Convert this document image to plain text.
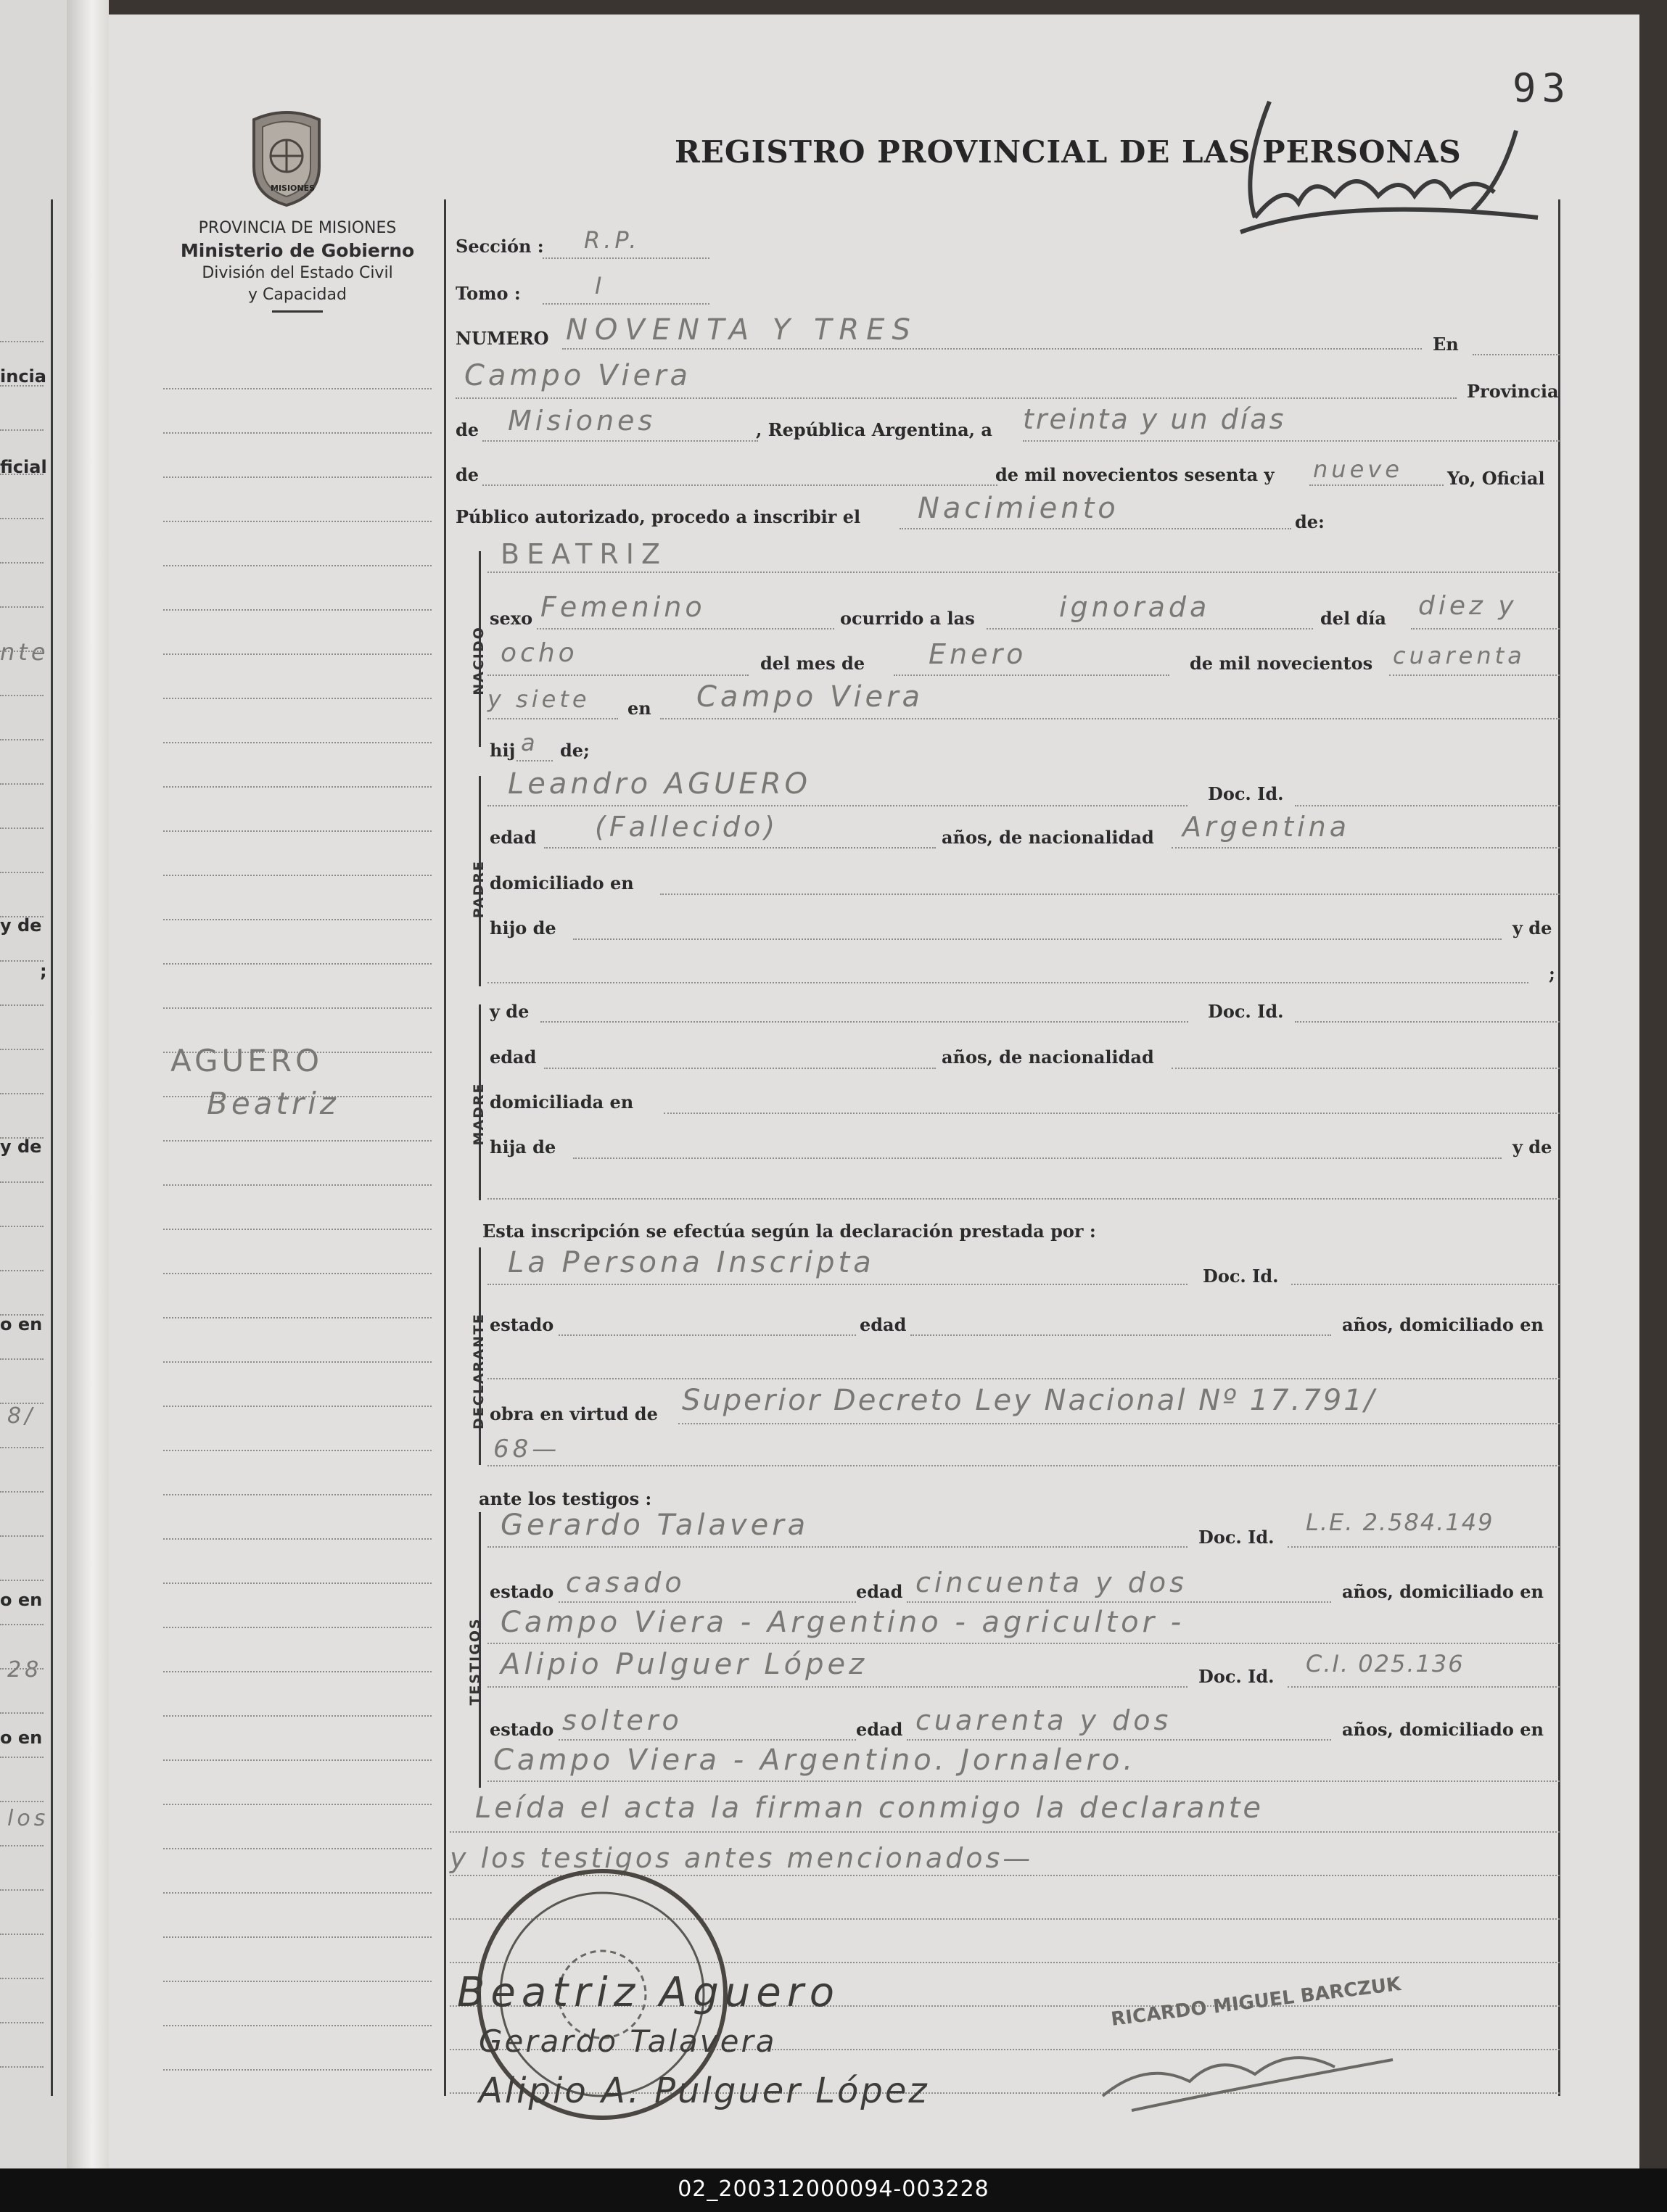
incia
ficial
nte
y de
;
y de
o en
8/
o en
28
o en
los
93
MISIONES
PROVINCIA DE MISIONES
Ministerio de Gobierno
División del Estado Civil
y Capacidad
REGISTRO PROVINCIAL DE LAS PERSONAS
AGUERO
Beatriz
Sección : R.P.
Tomo :	I
NUMERO NOVENTA Y TRES	En
Campo Viera	Provincia
de Misiones	, República Argentina, a treinta y un días
de	de mil novecientos sesenta y nueve	Yo, Oficial
Público autorizado, procedo a inscribir el Nacimiento	de:
NACIDO
BEATRIZ
sexo Femenino	ocurrido a las	ignorada	del día diez y
ocho	del mes de Enero	de mil novecientos cuarenta
y siete en Campo Viera
hij a de;
PADRE
Leandro AGUERO	Doc. Id.
edad (Fallecido)	años, de nacionalidad Argentina
domiciliado en
hijo de	y de
;
MADRE
y de	Doc. Id.
edad	años, de nacionalidad
domiciliada en
hija de	y de
Esta inscripción se efectúa según la declaración prestada por :
DECLARANTE
La Persona Inscripta	Doc. Id.
estado	edad	años, domiciliado en
obra en virtud de Superior Decreto Ley Nacional Nº 17.791/
68—
ante los testigos :
TESTIGOS
Gerardo Talavera	Doc. Id.
L.E. 2.584.149
estado casado	edad cincuenta y dos	años, domiciliado en
Campo Viera - Argentino - agricultor -
Alipio Pulguer López	Doc. Id. C.I. 025.136
estado soltero	edad cuarenta y dos	años, domiciliado en
Campo Viera - Argentino. Jornalero.
Leída el acta la firman conmigo la declarante
y los testigos antes mencionados—
Beatriz Aguero
Gerardo Talavera
Alipio A. Pulguer López
RICARDO MIGUEL BARCZUK
02_200312000094-003228
